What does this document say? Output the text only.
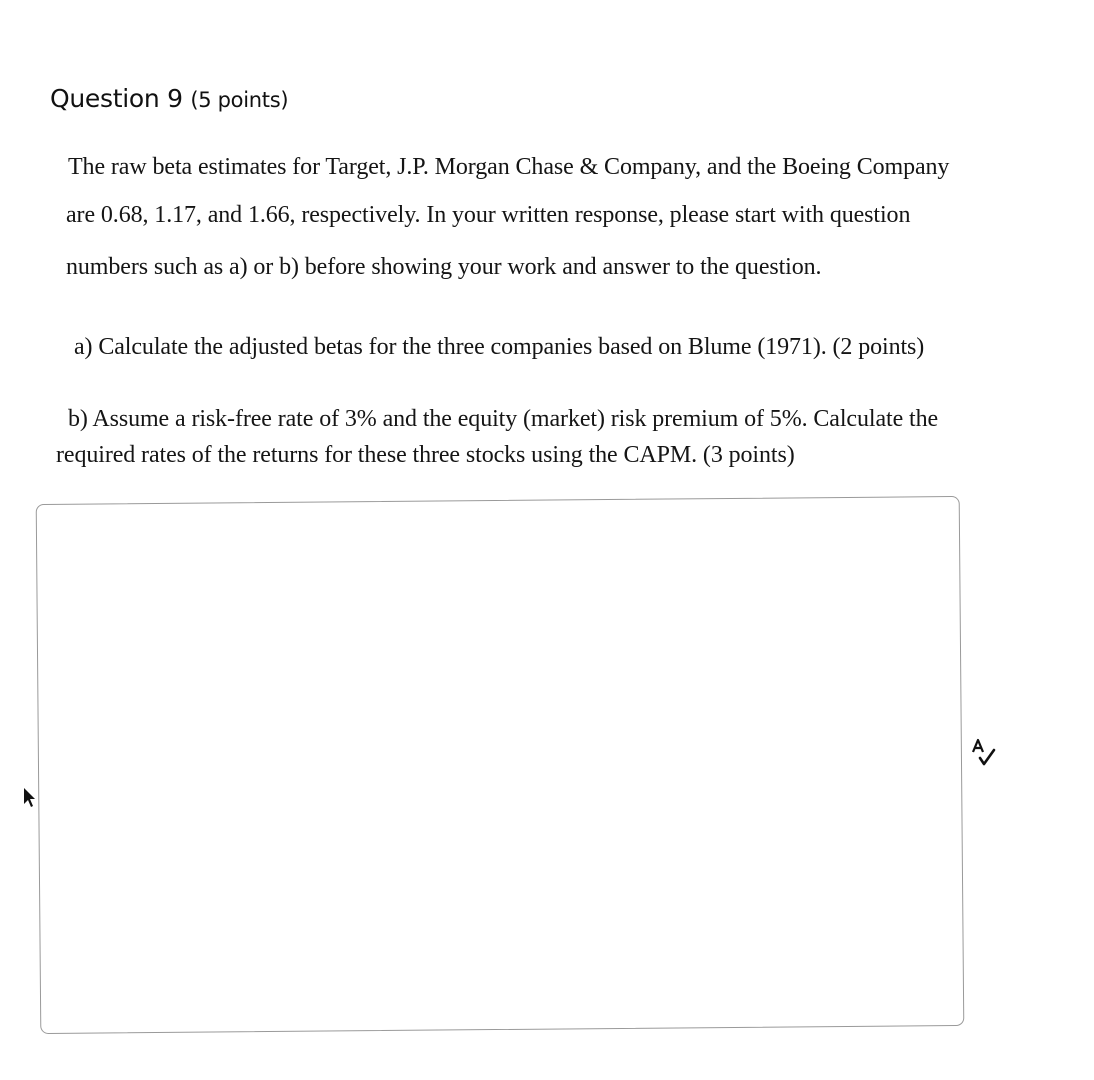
Question 9 (5 points)
The raw beta estimates for Target, J.P. Morgan Chase & Company, and the Boeing Company
are 0.68, 1.17, and 1.66, respectively. In your written response, please start with question
numbers such as a) or b) before showing your work and answer to the question.
a) Calculate the adjusted betas for the three companies based on Blume (1971). (2 points)
b) Assume a risk-free rate of 3% and the equity (market) risk premium of 5%. Calculate the
required rates of the returns for these three stocks using the CAPM. (3 points)
